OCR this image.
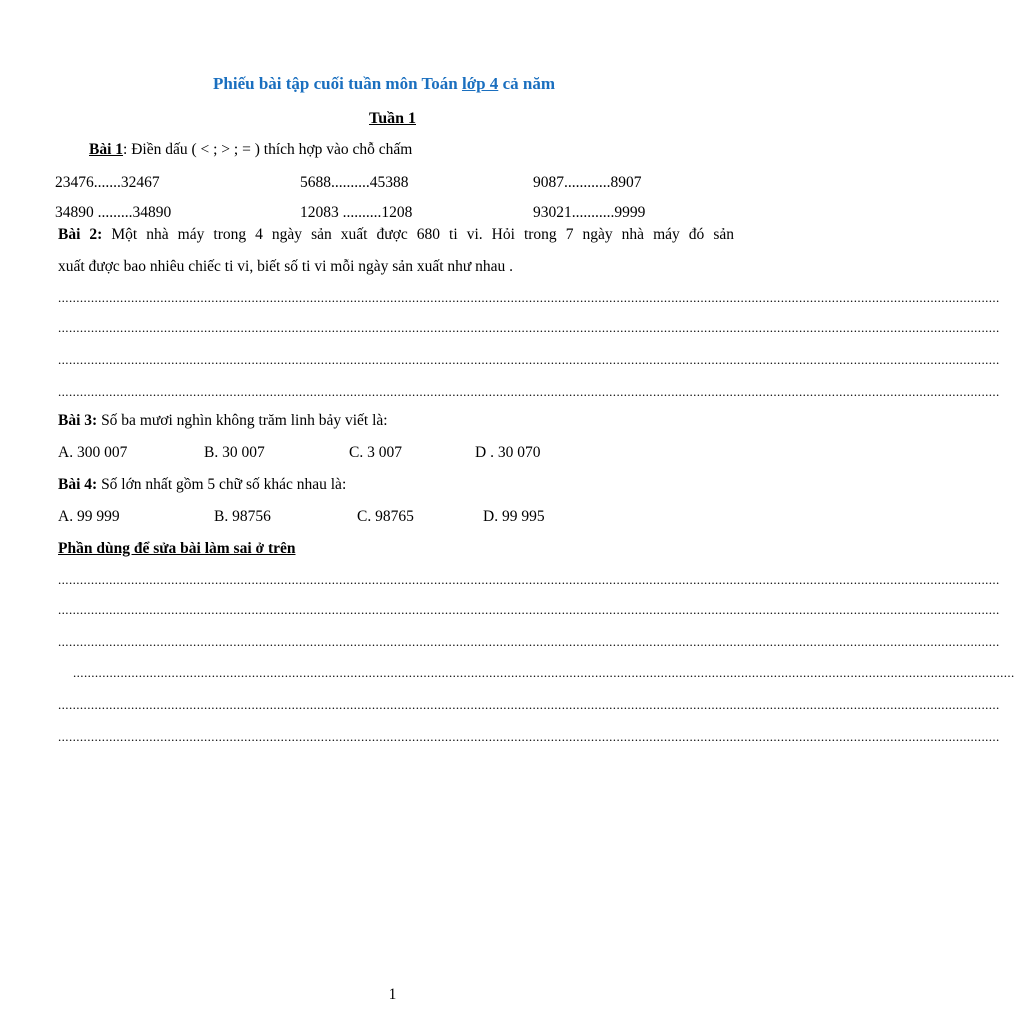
Phiếu bài tập cuối tuần môn Toán lớp 4 cả năm
Tuần 1
Bài 1: Điền dấu ( < ; > ; = ) thích hợp vào chỗ chấm
23476.......32467	5688..........45388	9087............8907
34890 .........34890	12083 ..........1208	93021...........9999
Bài 2: Một nhà máy trong 4 ngày sản xuất được 680 ti vi. Hỏi trong 7 ngày nhà máy đó sản
xuất được bao nhiêu chiếc ti vi, biết số ti vi mỗi ngày sản xuất như nhau .
..................................................................................................................................................................................................................................................................
..................................................................................................................................................................................................................................................................
..................................................................................................................................................................................................................................................................
..................................................................................................................................................................................................................................................................
Bài 3: Số ba mươi nghìn không trăm linh bảy viết là:
A. 300 007	B. 30 007	C. 3 007	D . 30 070
Bài 4: Số lớn nhất gồm 5 chữ số khác nhau là:
A. 99 999	B. 98756	C. 98765	D. 99 995
Phần dùng để sửa bài làm sai ở trên
..................................................................................................................................................................................................................................................................
..................................................................................................................................................................................................................................................................
..................................................................................................................................................................................................................................................................
..................................................................................................................................................................................................................................................................
..................................................................................................................................................................................................................................................................
..................................................................................................................................................................................................................................................................
1
